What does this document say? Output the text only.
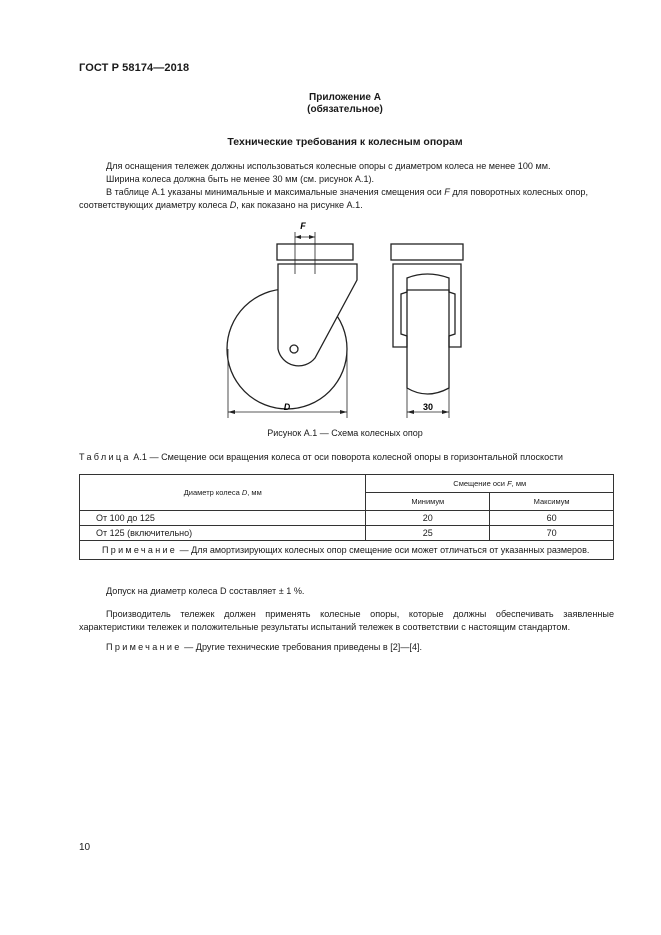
ГОСТ Р 58174—2018
Приложение А
(обязательное)
Технические требования к колесным опорам
Для оснащения тележек должны использоваться колесные опоры с диаметром колеса не менее 100 мм.
Ширина колеса должна быть не менее 30 мм (см. рисунок А.1).
В таблице А.1 указаны минимальные и максимальные значения смещения оси F для поворотных колесных опор, соответствующих диаметру колеса D, как показано на рисунке А.1.
F
D	30
Рисунок А.1 — Схема колесных опор
Таблица А.1 — Смещение оси вращения колеса от оси поворота колесной опоры в горизонтальной плоскости
Диаметр колеса D, мм	Смещение оси F, мм	
	Минимум	Максимум
От 100 до 125	20	60
От 125 (включительно)	25	70
Примечание — Для амортизирующих колесных опор смещение оси может отличаться от указанных размеров.		
Допуск на диаметр колеса D составляет ± 1 %.
Производитель тележек должен применять колесные опоры, которые должны обеспечивать заявленные характеристики тележек и положительные результаты испытаний тележек в соответствии с настоящим стандартом.
Примечание — Другие технические требования приведены в [2]—[4].
10
